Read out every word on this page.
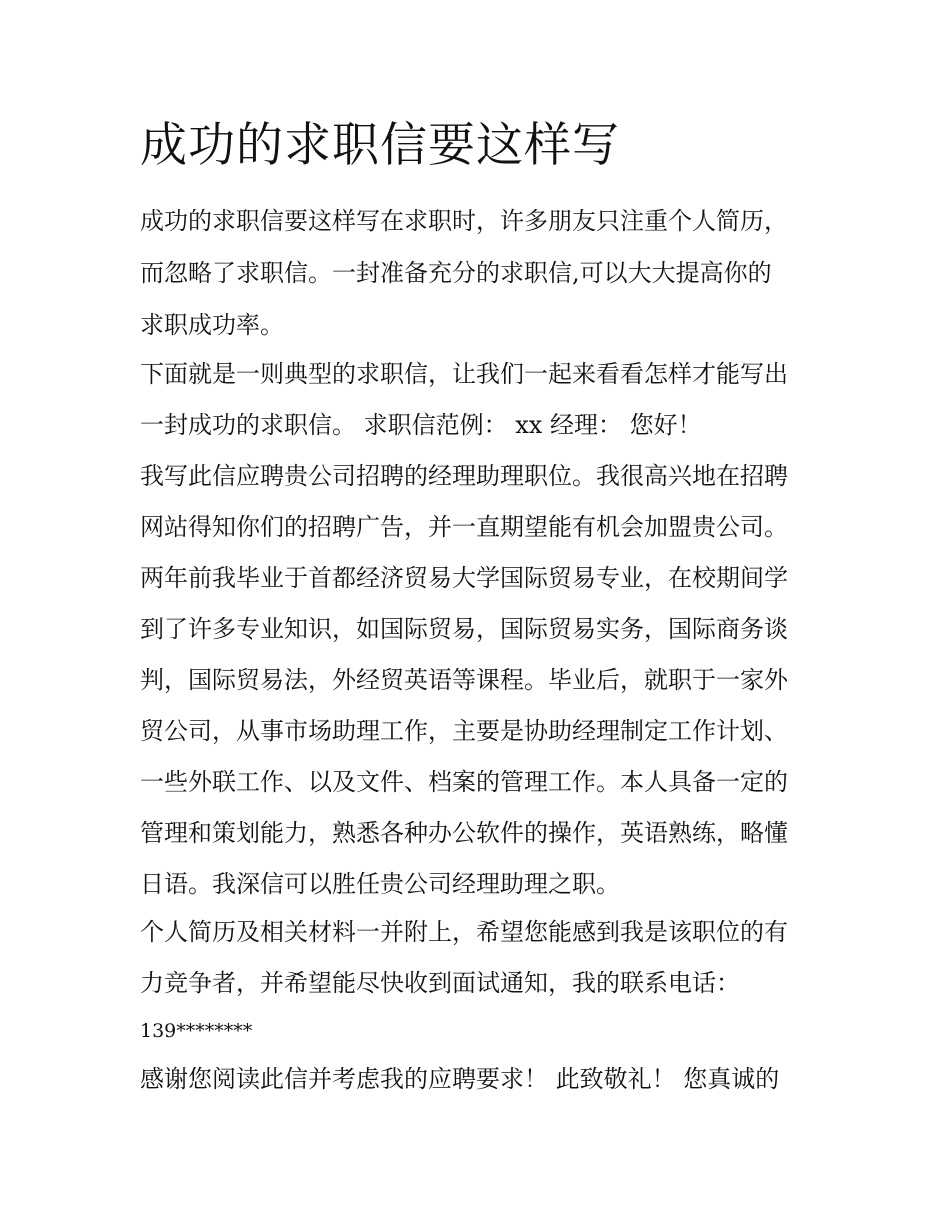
成功的求职信要这样写

成功的求职信要这样写在求职时，许多朋友只注重个人简历，

而忽略了求职信。一封准备充分的求职信,可以大大提高你的

求职成功率。

下面就是一则典型的求职信，让我们一起来看看怎样才能写出

一封成功的求职信。 求职信范例： xx 经理： 您好！

我写此信应聘贵公司招聘的经理助理职位。我很高兴地在招聘

网站得知你们的招聘广告，并一直期望能有机会加盟贵公司。

两年前我毕业于首都经济贸易大学国际贸易专业，在校期间学

到了许多专业知识，如国际贸易，国际贸易实务，国际商务谈

判，国际贸易法，外经贸英语等课程。毕业后，就职于一家外

贸公司，从事市场助理工作，主要是协助经理制定工作计划、

一些外联工作、以及文件、档案的管理工作。本人具备一定的

管理和策划能力，熟悉各种办公软件的操作，英语熟练，略懂

日语。我深信可以胜任贵公司经理助理之职。

个人简历及相关材料一并附上，希望您能感到我是该职位的有

力竞争者，并希望能尽快收到面试通知，我的联系电话：

139********

感谢您阅读此信并考虑我的应聘要求！ 此致敬礼！ 您真诚的
